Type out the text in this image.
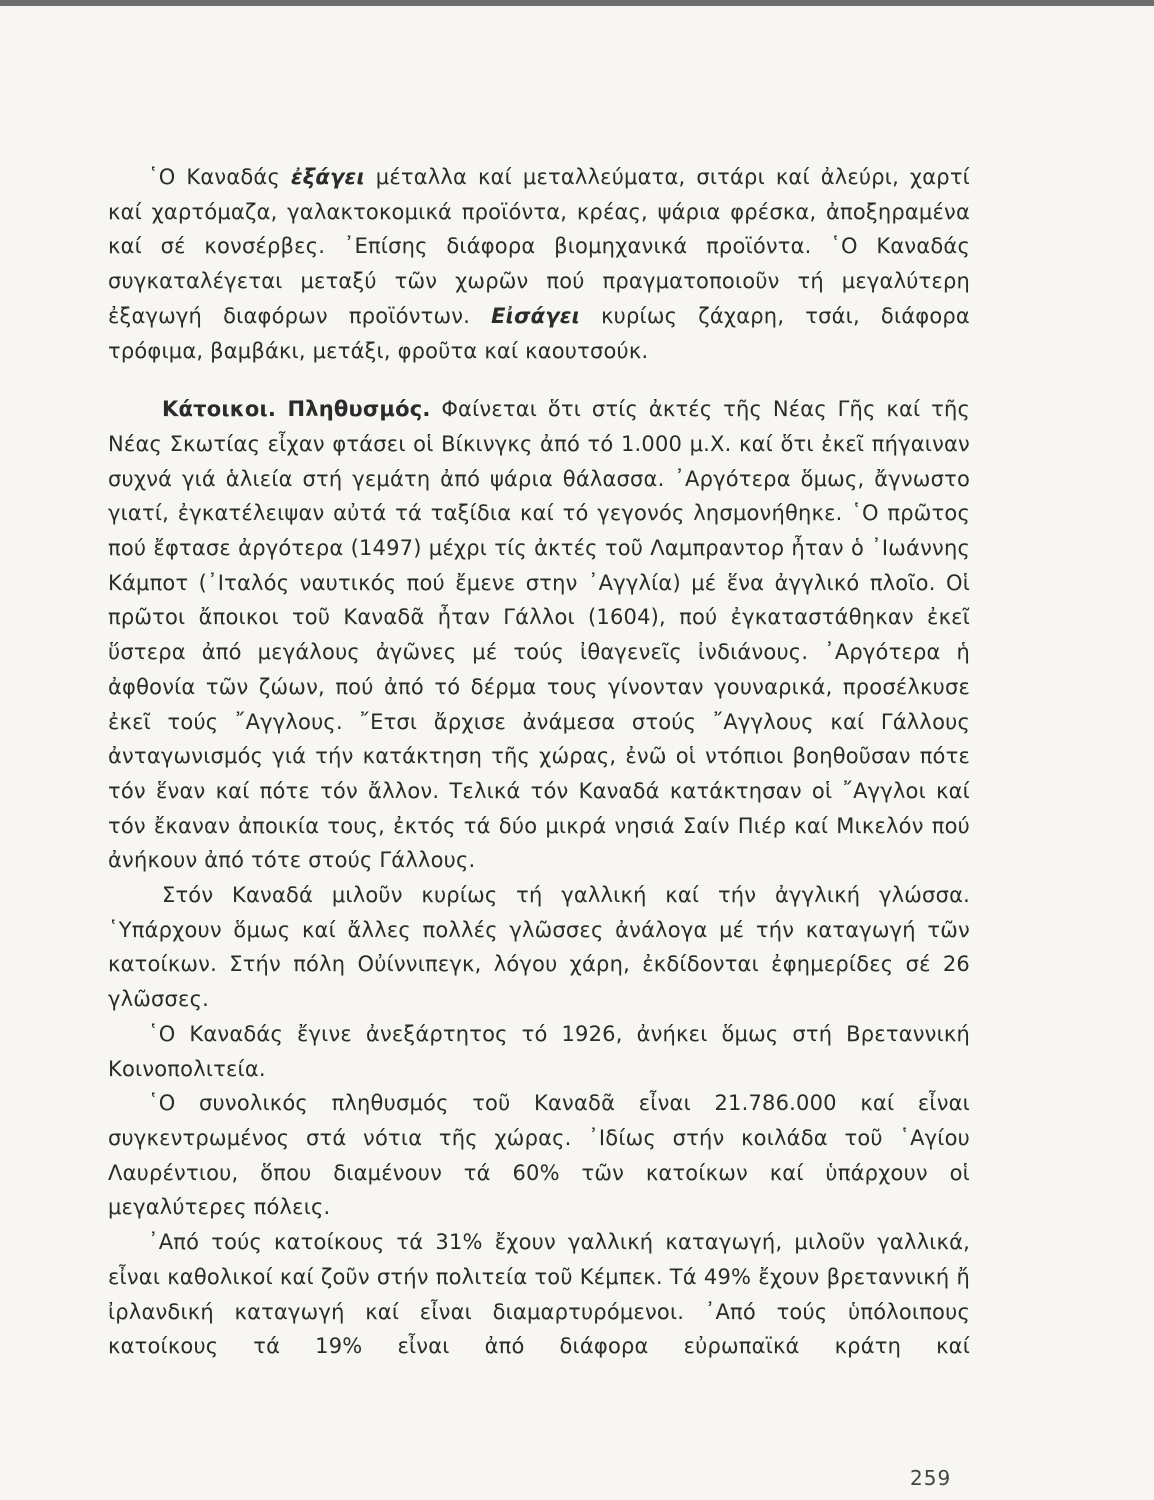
῾Ο Καναδάς ἐξάγει μέταλλα καί μεταλλεύματα, σιτάρι καί ἀλεύρι, χαρτί καί χαρτόμαζα, γαλακτοκομικά προϊόντα, κρέας, ψάρια φρέσκα, ἀποξηραμένα καί σέ κονσέρβες. ᾿Επίσης διάφορα βιομηχανικά προϊόντα. ῾Ο Καναδάς συγκαταλέγεται μεταξύ τῶν χωρῶν πού πραγματοποιοῦν τή μεγαλύτερη ἐξαγωγή διαφόρων προϊόντων. Εἰσάγει κυρίως ζάχαρη, τσάι, διάφορα τρόφιμα, βαμβάκι, μετάξι, φροῦτα καί καουτσούκ.

Κάτοικοι. Πληθυσμός. Φαίνεται ὅτι στίς ἀκτές τῆς Νέας Γῆς καί τῆς Νέας Σκωτίας εἶχαν φτάσει οἱ Βίκινγκς ἀπό τό 1.000 μ.Χ. καί ὅτι ἐκεῖ πήγαιναν συχνά γιά ἁλιεία στή γεμάτη ἀπό ψάρια θάλασσα. ᾿Αργότερα ὅμως, ἄγνωστο γιατί, ἐγκατέλειψαν αὐτά τά ταξίδια καί τό γεγονός λησμονήθηκε. ῾Ο πρῶτος πού ἔφτασε ἀργότερα (1497) μέχρι τίς ἀκτές τοῦ Λαμπραντορ ἦταν ὁ ᾿Ιωάννης Κάμποτ (᾿Ιταλός ναυτικός πού ἔμενε στην ᾿Αγγλία) μέ ἕνα ἀγγλικό πλοῖο. Οἱ πρῶτοι ἄποικοι τοῦ Καναδᾶ ἦταν Γάλλοι (1604), πού ἐγκαταστάθηκαν ἐκεῖ ὕστερα ἀπό μεγάλους ἀγῶνες μέ τούς ἰθαγενεῖς ἰνδιάνους. ᾿Αργότερα ἡ ἀφθονία τῶν ζώων, πού ἀπό τό δέρμα τους γίνονταν γουναρικά, προσέλκυσε ἐκεῖ τούς ῎Αγγλους. ῎Ετσι ἄρχισε ἀνάμεσα στούς ῎Αγγλους καί Γάλλους ἀνταγωνισμός γιά τήν κατάκτηση τῆς χώρας, ἐνῶ οἱ ντόπιοι βοηθοῦσαν πότε τόν ἕναν καί πότε τόν ἄλλον. Τελικά τόν Καναδά κατάκτησαν οἱ ῎Αγγλοι καί τόν ἔκαναν ἀποικία τους, ἐκτός τά δύο μικρά νησιά Σαίν Πιέρ καί Μικελόν πού ἀνήκουν ἀπό τότε στούς Γάλλους.

Στόν Καναδά μιλοῦν κυρίως τή γαλλική καί τήν ἀγγλική γλώσσα. ῾Υπάρχουν ὅμως καί ἄλλες πολλές γλῶσσες ἀνάλογα μέ τήν καταγωγή τῶν κατοίκων. Στήν πόλη Οὐίννιπεγκ, λόγου χάρη, ἐκδίδονται ἐφημερίδες σέ 26 γλῶσσες.

῾Ο Καναδάς ἔγινε ἀνεξάρτητος τό 1926, ἀνήκει ὅμως στή Βρεταννική Κοινοπολιτεία.

῾Ο συνολικός πληθυσμός τοῦ Καναδᾶ εἶναι 21.786.000 καί εἶναι συγκεντρωμένος στά νότια τῆς χώρας. ᾿Ιδίως στήν κοιλάδα τοῦ ῾Αγίου Λαυρέντιου, ὅπου διαμένουν τά 60% τῶν κατοίκων καί ὑπάρχουν οἱ μεγαλύτερες πόλεις.

᾿Από τούς κατοίκους τά 31% ἔχουν γαλλική καταγωγή, μιλοῦν γαλλικά, εἶναι καθολικοί καί ζοῦν στήν πολιτεία τοῦ Κέμπεκ. Τά 49% ἔχουν βρεταννική ἤ ἰρλανδική καταγωγή καί εἶναι διαμαρτυρόμενοι. ᾿Από τούς ὑπόλοιπους κατοίκους τά 19% εἶναι ἀπό διάφορα εὐρωπαϊκά κράτη καί

259
